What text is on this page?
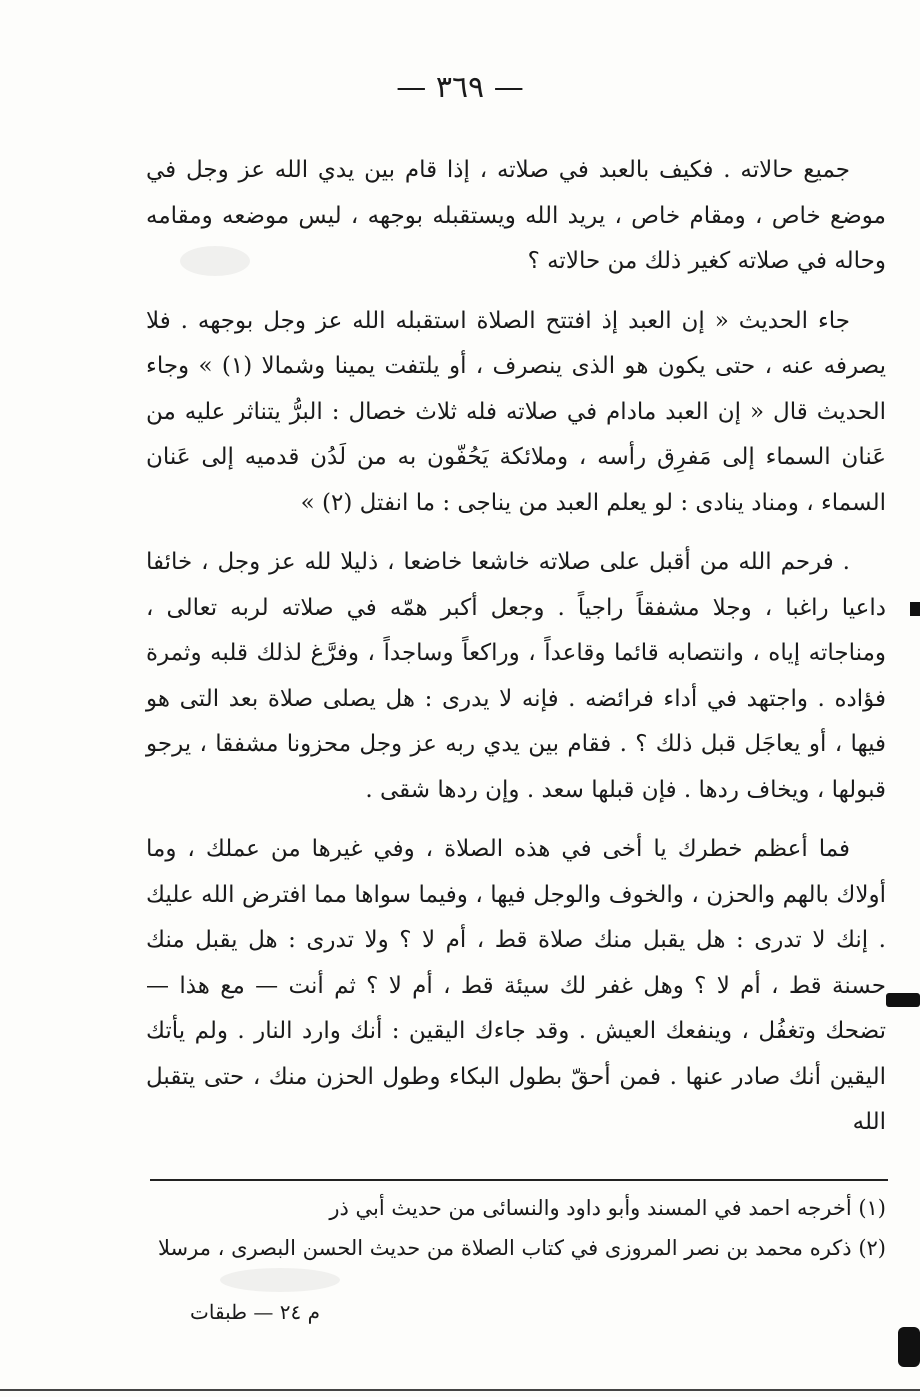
— ٣٦٩ —

جميع حالاته . فكيف بالعبد في صلاته ، إذا قام بين يدي الله عز وجل في موضع خاص ، ومقام خاص ، يريد الله ويستقبله بوجهه ، ليس موضعه ومقامه وحاله في صلاته كغير ذلك من حالاته ؟

جاء الحديث « إن العبد إذ افتتح الصلاة استقبله الله عز وجل بوجهه . فلا يصرفه عنه ، حتى يكون هو الذى ينصرف ، أو يلتفت يمينا وشمالا (١) » وجاء الحديث قال « إن العبد مادام في صلاته فله ثلاث خصال : البرُّ يتناثر عليه من عَنان السماء إلى مَفرِق رأسه ، وملائكة يَحُفّون به من لَدُن قدميه إلى عَنان السماء ، ومناد ينادى : لو يعلم العبد من يناجى : ما انفتل (٢) »

. فرحم الله من أقبل على صلاته خاشعا خاضعا ، ذليلا لله عز وجل ، خائفا داعيا راغبا ، وجلا مشفقاً راجياً . وجعل أكبر همّه في صلاته لربه تعالى ، ومناجاته إياه ، وانتصابه قائما وقاعداً ، وراكعاً وساجداً ، وفرَّغ لذلك قلبه وثمرة فؤاده . واجتهد في أداء فرائضه . فإنه لا يدرى : هل يصلى صلاة بعد التى هو فيها ، أو يعاجَل قبل ذلك ؟ . فقام بين يدي ربه عز وجل محزونا مشفقا ، يرجو قبولها ، ويخاف ردها . فإن قبلها سعد . وإن ردها شقى .

فما أعظم خطرك يا أخى في هذه الصلاة ، وفي غيرها من عملك ، وما أولاك بالهم والحزن ، والخوف والوجل فيها ، وفيما سواها مما افترض الله عليك . إنك لا تدرى : هل يقبل منك صلاة قط ، أم لا ؟ ولا تدرى : هل يقبل منك حسنة قط ، أم لا ؟ وهل غفر لك سيئة قط ، أم لا ؟ ثم أنت — مع هذا — تضحك وتغفُل ، وينفعك العيش . وقد جاءك اليقين : أنك وارد النار . ولم يأتك اليقين أنك صادر عنها . فمن أحقّ بطول البكاء وطول الحزن منك ، حتى يتقبل الله

(١) أخرجه احمد في المسند وأبو داود والنسائى من حديث أبي ذر

(٢) ذكره محمد بن نصر المروزى في كتاب الصلاة من حديث الحسن البصرى ، مرسلا

م ٢٤ — طبقات
